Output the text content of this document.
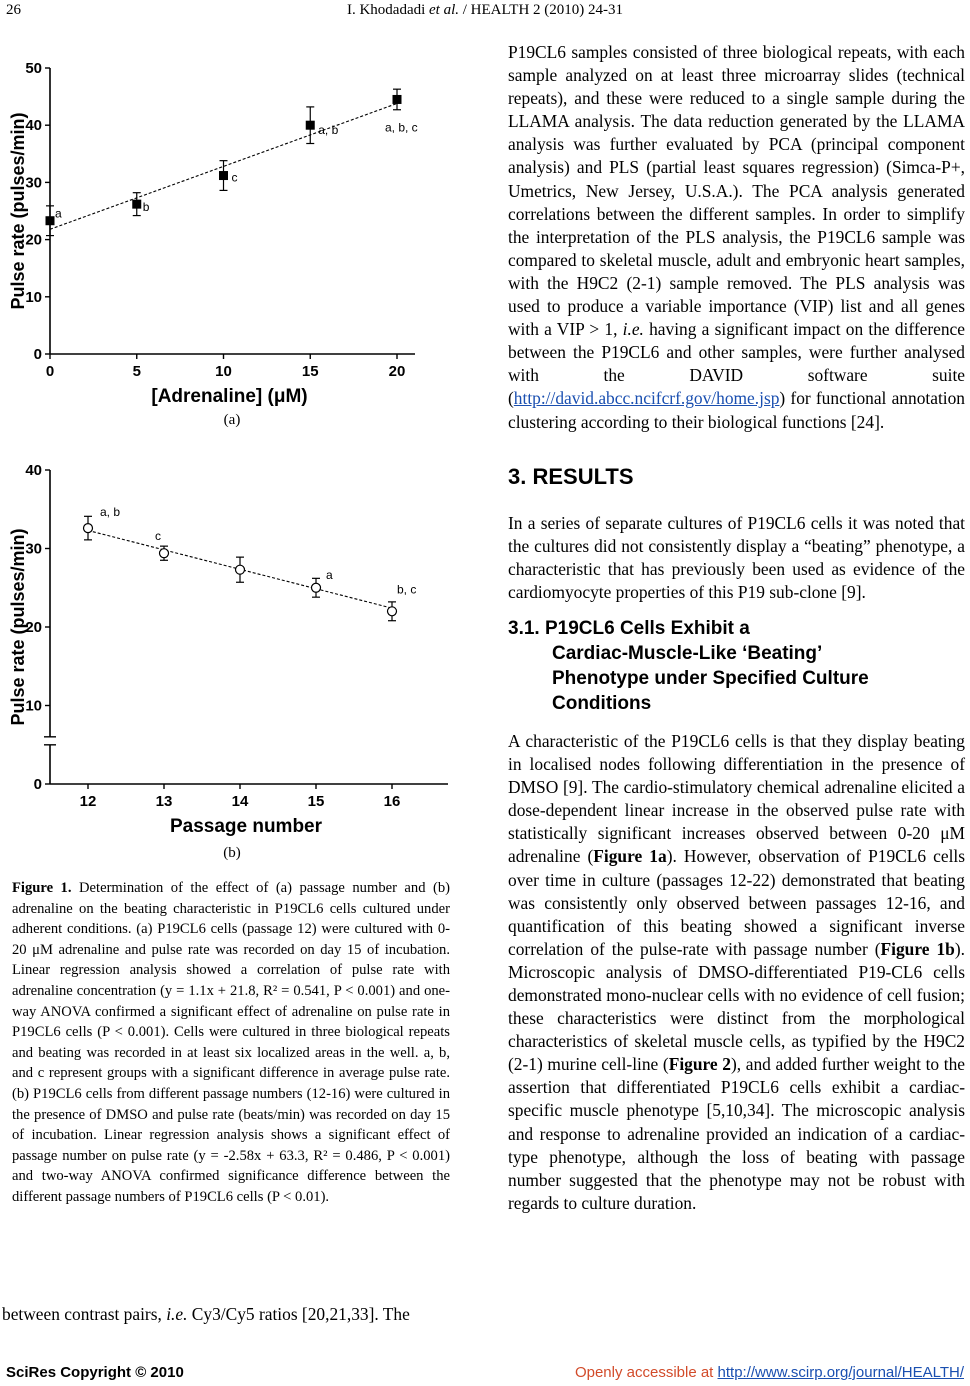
26	I. Khodadadi et al. / HEALTH 2 (2010) 24-31
0
10
20
30
40
50
0	5	10	15	20
[Adrenaline] (μM)
Pulse rate (pulses/min) a	b
c
a, b	a, b, c
(a)
0
10
20
30
40
12	13	14	15	16
Passage number
Pulse rate (pulses/min)
a, b
c
a
b, c
(b)
Figure 1. Determination of the effect of (a) passage number and (b) adrenaline on the beating characteristic in P19CL6 cells cultured under adherent conditions. (a) P19CL6 cells (passage 12) were cultured with 0-20 μM adrenaline and pulse rate was recorded on day 15 of incubation. Linear regression analysis showed a correlation of pulse rate with adrenaline concentration (y = 1.1x + 21.8, R² = 0.541, P < 0.001) and one-way ANOVA confirmed a significant effect of adrenaline on pulse rate in P19CL6 cells (P < 0.001). Cells were cultured in three biological repeats and beating was recorded in at least six localized areas in the well. a, b, and c represent groups with a significant difference in average pulse rate. (b) P19CL6 cells from different passage numbers (12-16) were cultured in the presence of DMSO and pulse rate (beats/min) was recorded on day 15 of incubation. Linear regression analysis shows a significant effect of passage number on pulse rate (y = -2.58x + 63.3, R² = 0.486, P < 0.001) and two-way ANOVA confirmed significance difference between the different passage numbers of P19CL6 cells (P < 0.01).
between contrast pairs, i.e. Cy3/Cy5 ratios [20,21,33]. The

P19CL6 samples consisted of three biological repeats, with each sample analyzed on at least three microarray slides (technical repeats), and these were reduced to a single sample during the LLAMA analysis. The data reduction generated by the LLAMA analysis was further evaluated by PCA (principal component analysis) and PLS (partial least squares regression) (Simca-P+, Umetrics, New Jersey, U.S.A.). The PCA analysis generated correlations between the different samples. In order to simplify the interpretation of the PLS analysis, the P19CL6 sample was compared to skeletal muscle, adult and embryonic heart samples, with the H9C2 (2-1) sample removed. The PLS analysis was used to produce a variable importance (VIP) list and all genes with a VIP > 1, i.e. having a significant impact on the difference between the P19CL6 and other samples, were further analysed with the DAVID software suite (http://david.abcc.ncifcrf.gov/home.jsp) for functional annotation clustering according to their biological functions [24].

3. RESULTS

In a series of separate cultures of P19CL6 cells it was noted that the cultures did not consistently display a “beating” phenotype, a characteristic that has previously been used as evidence of the cardiomyocyte properties of this P19 sub-clone [9].

3.1. P19CL6 Cells Exhibit a
Cardiac-Muscle-Like ‘Beating’
Phenotype under Specified Culture
Conditions

A characteristic of the P19CL6 cells is that they display beating in localised nodes following differentiation in the presence of DMSO [9]. The cardio-stimulatory chemical adrenaline elicited a dose-dependent linear increase in the observed pulse rate with statistically significant increases observed between 0-20 μM adrenaline (Figure 1a). However, observation of P19CL6 cells over time in culture (passages 12-22) demonstrated that beating was consistently only observed between passages 12-16, and quantification of this beating showed a significant inverse correlation of the pulse-rate with passage number (Figure 1b). Microscopic analysis of DMSO-differentiated P19-CL6 cells demonstrated mono-nuclear cells with no evidence of cell fusion; these characteristics were distinct from the morphological characteristics of skeletal muscle cells, as typified by the H9C2 (2-1) murine cell-line (Figure 2), and added further weight to the assertion that differentiated P19CL6 cells exhibit a cardiac-specific muscle phenotype [5,10,34]. The microscopic analysis and response to adrenaline provided an indication of a cardiac-type phenotype, although the loss of beating with passage number suggested that the phenotype may not be robust with regards to culture duration.

SciRes Copyright © 2010	Openly accessible at http://www.scirp.org/journal/HEALTH/
